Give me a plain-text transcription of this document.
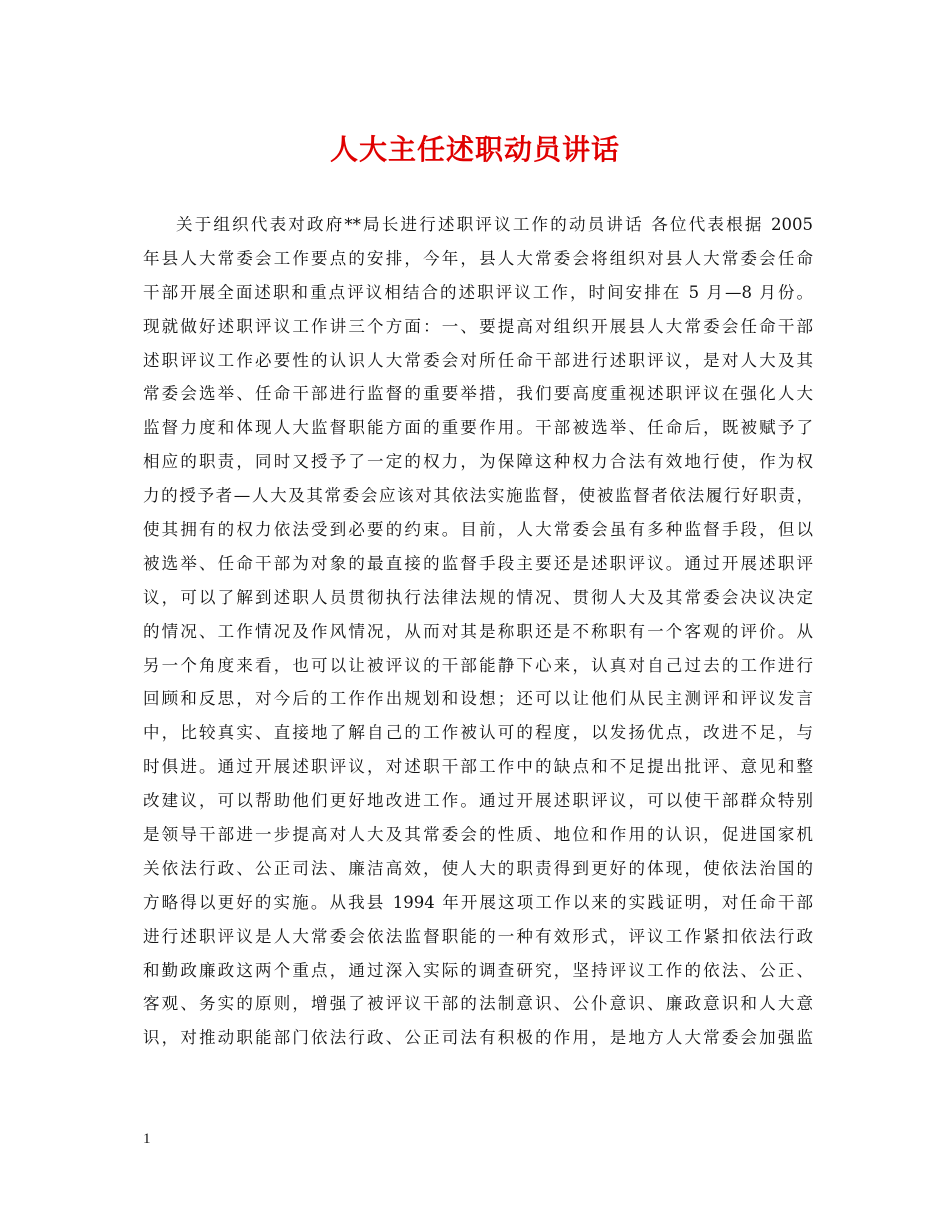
人大主任述职动员讲话
关于组织代表对政府**局长进行述职评议工作的动员讲话 各位代表根据 2005
年县人大常委会工作要点的安排，今年，县人大常委会将组织对县人大常委会任命
干部开展全面述职和重点评议相结合的述职评议工作，时间安排在 5 月—8 月份。
现就做好述职评议工作讲三个方面：一、要提高对组织开展县人大常委会任命干部
述职评议工作必要性的认识人大常委会对所任命干部进行述职评议，是对人大及其
常委会选举、任命干部进行监督的重要举措，我们要高度重视述职评议在强化人大
监督力度和体现人大监督职能方面的重要作用。干部被选举、任命后，既被赋予了
相应的职责，同时又授予了一定的权力，为保障这种权力合法有效地行使，作为权
力的授予者—人大及其常委会应该对其依法实施监督，使被监督者依法履行好职责，
使其拥有的权力依法受到必要的约束。目前，人大常委会虽有多种监督手段，但以
被选举、任命干部为对象的最直接的监督手段主要还是述职评议。通过开展述职评
议，可以了解到述职人员贯彻执行法律法规的情况、贯彻人大及其常委会决议决定
的情况、工作情况及作风情况，从而对其是称职还是不称职有一个客观的评价。从
另一个角度来看，也可以让被评议的干部能静下心来，认真对自己过去的工作进行
回顾和反思，对今后的工作作出规划和设想；还可以让他们从民主测评和评议发言
中，比较真实、直接地了解自己的工作被认可的程度，以发扬优点，改进不足，与
时俱进。通过开展述职评议，对述职干部工作中的缺点和不足提出批评、意见和整
改建议，可以帮助他们更好地改进工作。通过开展述职评议，可以使干部群众特别
是领导干部进一步提高对人大及其常委会的性质、地位和作用的认识，促进国家机
关依法行政、公正司法、廉洁高效，使人大的职责得到更好的体现，使依法治国的
方略得以更好的实施。从我县 1994 年开展这项工作以来的实践证明，对任命干部
进行述职评议是人大常委会依法监督职能的一种有效形式，评议工作紧扣依法行政
和勤政廉政这两个重点，通过深入实际的调查研究，坚持评议工作的依法、公正、
客观、务实的原则，增强了被评议干部的法制意识、公仆意识、廉政意识和人大意
识，对推动职能部门依法行政、公正司法有积极的作用，是地方人大常委会加强监
1
